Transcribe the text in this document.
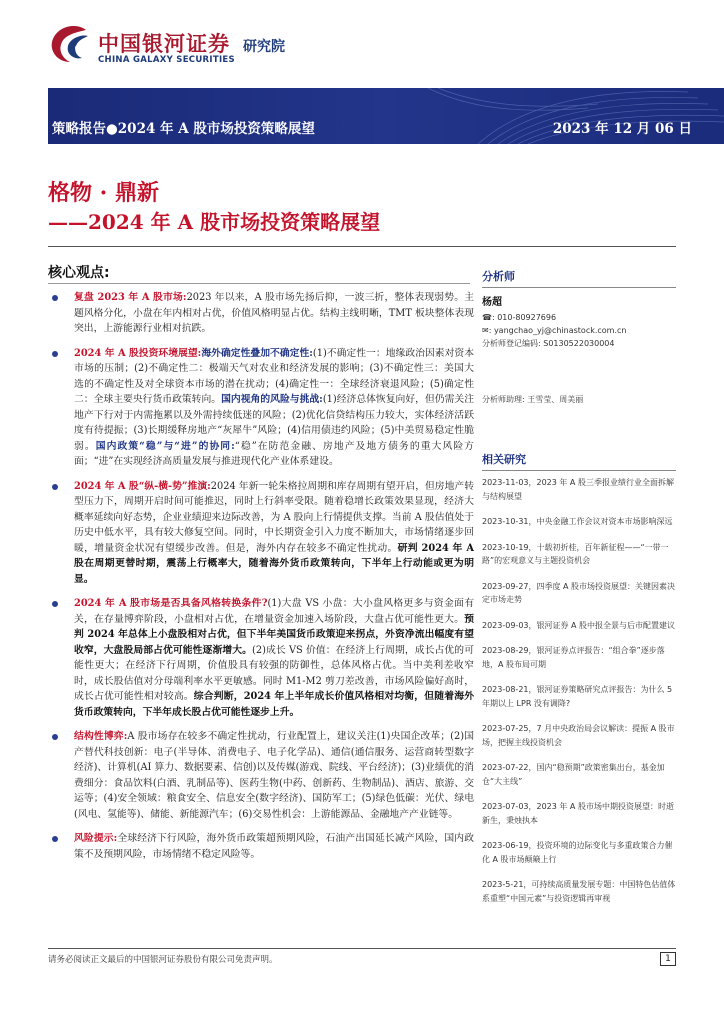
中国银河证券
CHINA GALAXY SECURITIES
研究院
策略报告●2024 年 A 股市场投资策略展望	2023 年 12 月 06 日
格物 · 鼎新
——2024 年 A 股市场投资策略展望
核心观点:
复盘 2023 年 A 股市场:2023 年以来，A 股市场先扬后抑，一波三折，整体表现弱势。主题风格分化，小盘在年内相对占优，价值风格明显占优。结构主线明晰，TMT 板块整体表现突出，上游能源行业相对抗跌。
2024 年 A 股投资环境展望:海外确定性叠加不确定性:(1)不确定性一：地缘政治因素对资本市场的压制；(2)不确定性二：极端天气对农业和经济发展的影响；(3)不确定性三：美国大选的不确定性及对全球资本市场的潜在扰动；(4)确定性一：全球经济衰退风险；(5)确定性二：全球主要央行货币政策转向。国内视角的风险与挑战:(1)经济总体恢复向好，但仍需关注地产下行对于内需拖累以及外需持续低迷的风险；(2)优化信贷结构压力较大，实体经济活跃度有待提振；(3)长期缓释房地产“灰犀牛”风险；(4)信用债违约风险；(5)中美贸易稳定性脆弱。国内政策“稳”与“进”的协同:“稳”在防范金融、房地产及地方债务的重大风险方面；“进”在实现经济高质量发展与推进现代化产业体系建设。
2024 年 A 股“纵-横-势”推演:2024 年新一轮朱格拉周期和库存周期有望开启，但房地产转型压力下，周期开启时间可能推迟，同时上行斜率受限。随着稳增长政策效果显现，经济大概率延续向好态势，企业业绩迎来边际改善，为 A 股向上行情提供支撑。当前 A 股估值处于历史中低水平，具有较大修复空间。同时，中长期资金引入力度不断加大，市场情绪逐步回暖，增量资金状况有望缓步改善。但是，海外内存在较多不确定性扰动。研判 2024 年 A 股在周期更替时期，震荡上行概率大，随着海外货币政策转向，下半年上行动能或更为明显。
2024 年 A 股市场是否具备风格转换条件?(1)大盘 VS 小盘：大小盘风格更多与资金面有关，在存量博弈阶段，小盘相对占优，在增量资金加速入场阶段，大盘占优可能性更大。预判 2024 年总体上小盘股相对占优，但下半年美国货币政策迎来拐点，外资净流出幅度有望收窄，大盘股局部占优可能性逐渐增大。(2)成长 VS 价值：在经济上行周期，成长占优的可能性更大；在经济下行周期，价值股具有较强的防御性，总体风格占优。当中美利差收窄时，成长股估值对分母端利率水平更敏感。同时 M1-M2 剪刀差改善，市场风险偏好高时，成长占优可能性相对较高。综合判断，2024 年上半年成长价值风格相对均衡，但随着海外货币政策转向，下半年成长股占优可能性逐步上升。
结构性博弈:A 股市场存在较多不确定性扰动，行业配置上，建议关注(1)央国企改革；(2)国产替代科技创新：电子(半导体、消费电子、电子化学品)、通信(通信服务、运营商转型数字经济)、计算机(AI 算力、数据要素、信创)以及传媒(游戏、院线、平台经济)；(3)业绩优的消费细分：食品饮料(白酒、乳制品等)、医药生物(中药、创新药、生物制品)、酒店、旅游、交运等；(4)安全领域：粮食安全、信息安全(数字经济)、国防军工；(5)绿色低碳：光伏、绿电(风电、氢能等)、储能、新能源汽车；(6)交易性机会：上游能源品、金融地产产业链等。
风险提示:全球经济下行风险，海外货币政策超预期风险，石油产出国延长减产风险，国内政策不及预期风险，市场情绪不稳定风险等。
分析师
杨超
☎: 010-80927696
✉: yangchao_yj@chinastock.com.cn
分析师登记编码: S0130522030004
分析师助理: 王雪莹、周美丽
相关研究
2023-11-03，2023 年 A 股三季报业绩行业全面拆解与结构展望
2023-10-31，中央金融工作会议对资本市场影响深远
2023-10-19，十载初折桂，百年新征程——“一带一路”的宏观意义与主题投资机会
2023-09-27，四季度 A 股市场投资展望：关键因素决定市场走势
2023-09-03，银河证券 A 股中报全景与后市配置建议
2023-08-29，银河证券点评报告：“组合拳”逐步落地，A 股布局可期
2023-08-21，银河证券策略研究点评报告：为什么 5 年期以上 LPR 没有调降?
2023-07-25，7 月中央政治局会议解读：提振 A 股市场，把握主线投资机会
2023-07-22，国内“稳预期”政策密集出台，基金加仓“大主线”
2023-07-03，2023 年 A 股市场中期投资展望：时逝新生，秉烛执本
2023-06-19，投资环境的边际变化与多重政策合力催化 A 股市场颠簸上行
2023-5-21，可持续高质量发展专题：中国特色估值体系重塑“中国元素”与投资逻辑再审视
请务必阅读正文最后的中国银河证券股份有限公司免责声明。	1
